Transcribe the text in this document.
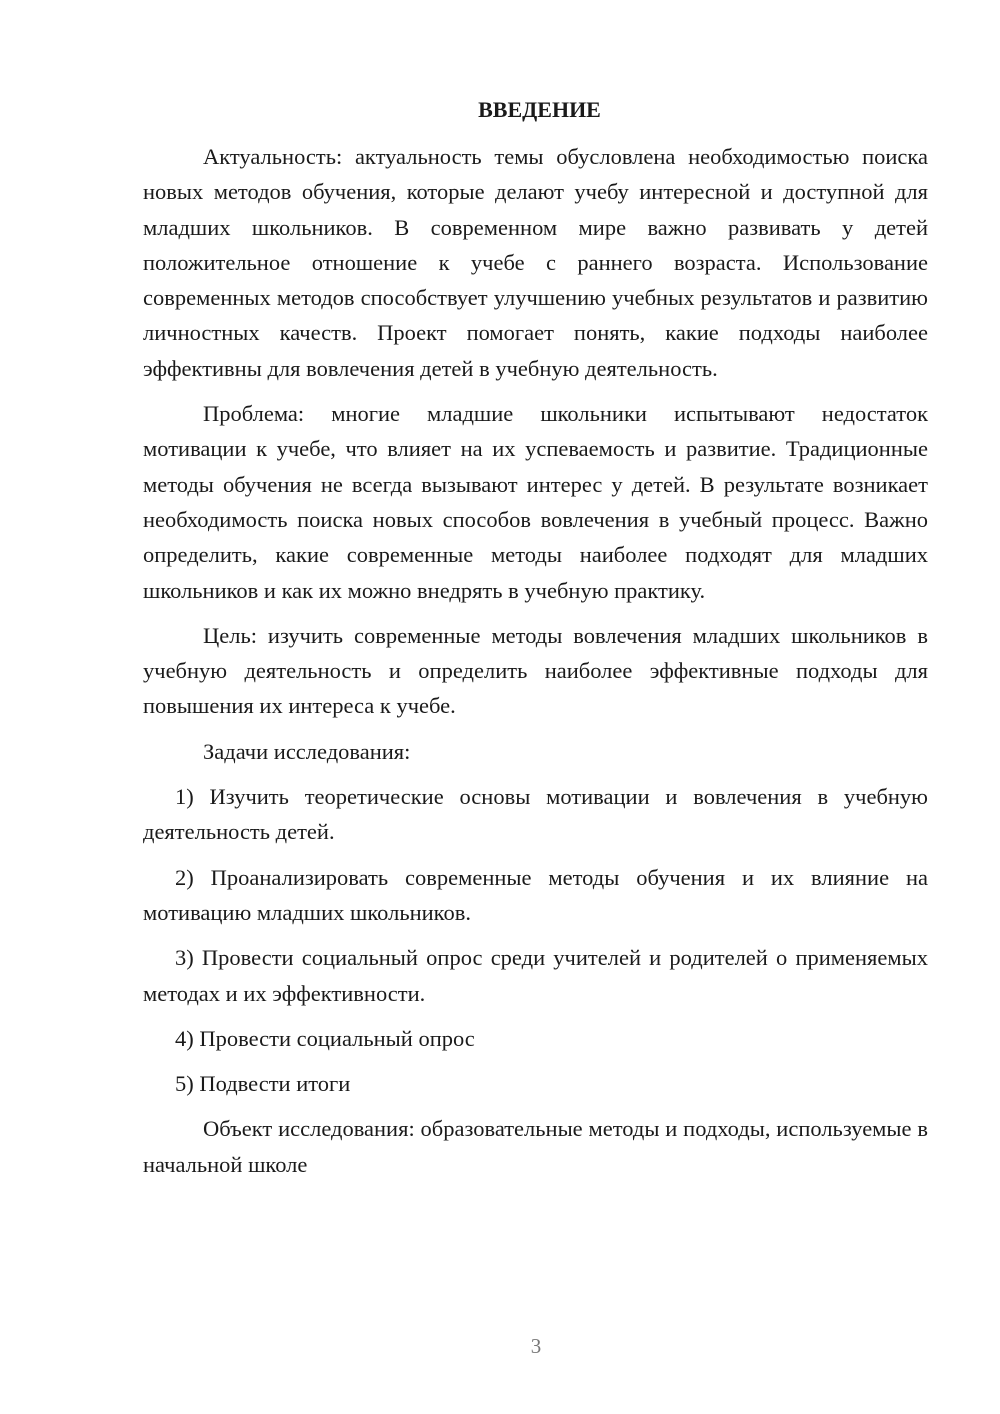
ВВЕДЕНИЕ

Актуальность: актуальность темы обусловлена необходимостью поиска новых методов обучения, которые делают учебу интересной и доступной для младших школьников. В современном мире важно развивать у детей положительное отношение к учебе с раннего возраста. Использование современных методов способствует улучшению учебных результатов и развитию личностных качеств. Проект помогает понять, какие подходы наиболее эффективны для вовлечения детей в учебную деятельность.

Проблема: многие младшие школьники испытывают недостаток мотивации к учебе, что влияет на их успеваемость и развитие. Традиционные методы обучения не всегда вызывают интерес у детей. В результате возникает необходимость поиска новых способов вовлечения в учебный процесс. Важно определить, какие современные методы наиболее подходят для младших школьников и как их можно внедрять в учебную практику.

Цель: изучить современные методы вовлечения младших школьников в учебную деятельность и определить наиболее эффективные подходы для повышения их интереса к учебе.

Задачи исследования:

1) Изучить теоретические основы мотивации и вовлечения в учебную деятельность детей.

2) Проанализировать современные методы обучения и их влияние на мотивацию младших школьников.

3) Провести социальный опрос среди учителей и родителей о применяемых методах и их эффективности.

4) Провести социальный опрос

5) Подвести итоги

Объект исследования: образовательные методы и подходы, используемые в начальной школе

3
